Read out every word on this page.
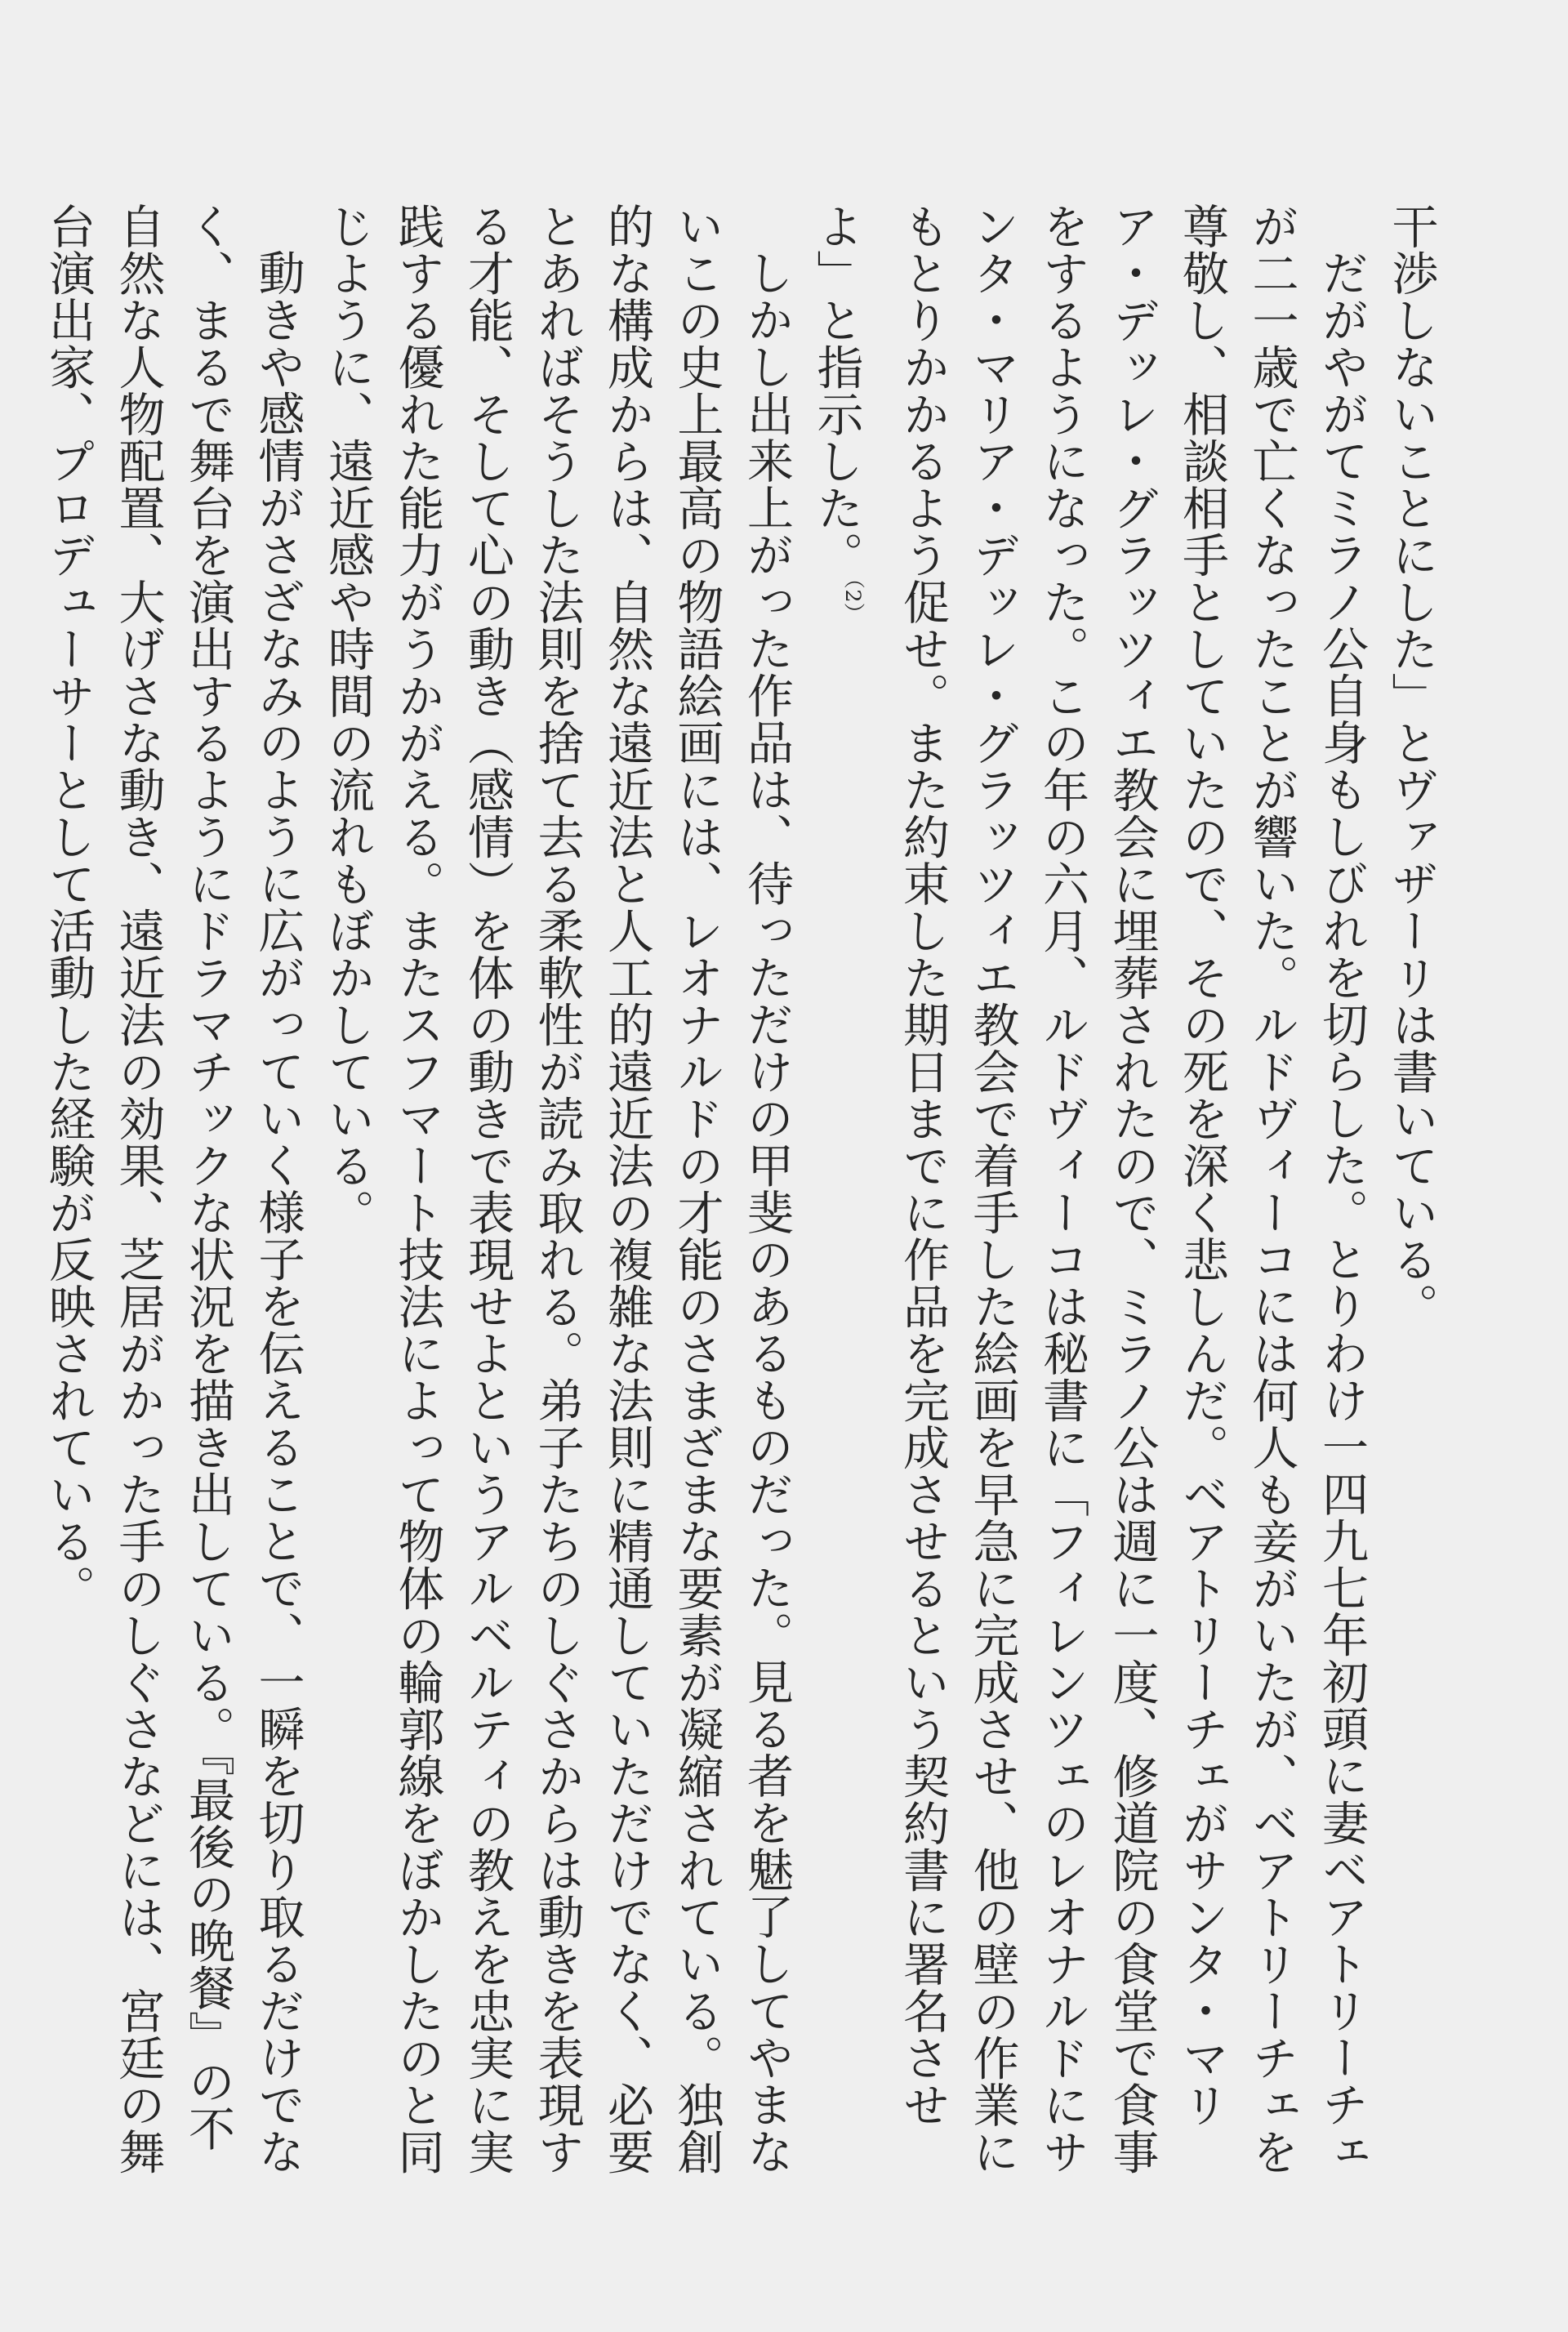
干渉しないことにした」とヴァザーリは書いている。

だがやがてミラノ公自身もしびれを切らした。とりわけ一四九七年初頭に妻ベアトリーチェが二一歳で亡くなったことが響いた。ルドヴィーコには何人も妾がいたが、ベアトリーチェを尊敬し、相談相手としていたので、その死を深く悲しんだ。ベアトリーチェがサンタ・マリア・デッレ・グラッツィエ教会に埋葬されたので、ミラノ公は週に一度、修道院の食堂で食事をするようになった。この年の六月、ルドヴィーコは秘書に「フィレンツェのレオナルドにサンタ・マリア・デッレ・グラッツィエ教会で着手した絵画を早急に完成させ、他の壁の作業にもとりかかるよう促せ。また約束した期日までに作品を完成させるという契約書に署名させよ」と指示した。$^{(2)}$

しかし出来上がった作品は、待っただけの甲斐のあるものだった。見る者を魅了してやまないこの史上最高の物語絵画には、レオナルドの才能のさまざまな要素が凝縮されている。独創的な構成からは、自然な遠近法と人工的遠近法の複雑な法則に精通していただけでなく、必要とあればそうした法則を捨て去る柔軟性が読み取れる。弟子たちのしぐさからは動きを表現する才能、そして心の動き（感情）を体の動きで表現せよというアルベルティの教えを忠実に実践する優れた能力がうかがえる。またスフマート技法によって物体の輪郭線をぼかしたのと同じように、遠近感や時間の流れもぼかしている。

動きや感情がさざなみのように広がっていく様子を伝えることで、一瞬を切り取るだけでなく、まるで舞台を演出するようにドラマチックな状況を描き出している。『最後の晩餐』の不自然な人物配置、大げさな動き、遠近法の効果、芝居がかった手のしぐさなどには、宮廷の舞台演出家、プロデューサーとして活動した経験が反映されている。
